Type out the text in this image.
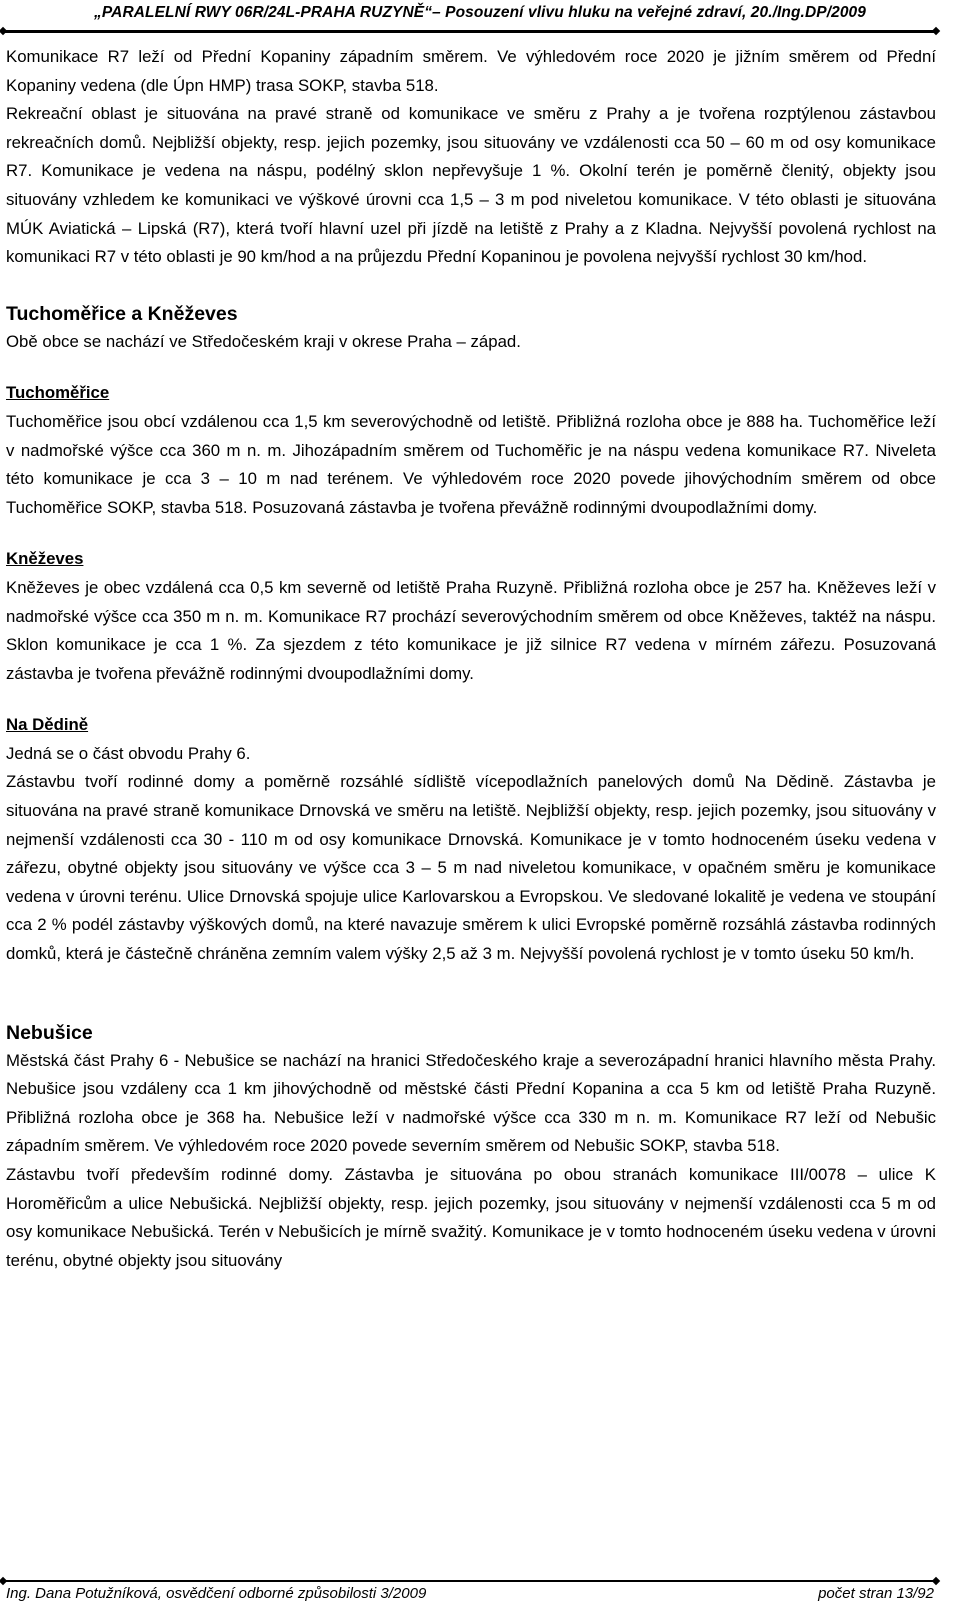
„PARALELNÍ RWY 06R/24L-PRAHA RUZYNĚ“– Posouzení vlivu hluku na veřejné zdraví, 20./Ing.DP/2009

Komunikace R7 leží od Přední Kopaniny západním směrem. Ve výhledovém roce 2020 je jižním směrem od Přední Kopaniny vedena (dle Úpn HMP) trasa SOKP, stavba 518.

Rekreační oblast je situována na pravé straně od komunikace ve směru z Prahy a je tvořena rozptýlenou zástavbou rekreačních domů. Nejbližší objekty, resp. jejich pozemky, jsou situovány ve vzdálenosti cca 50 – 60 m od osy komunikace R7. Komunikace je vedena na náspu, podélný sklon nepřevyšuje 1 %. Okolní terén je poměrně členitý, objekty jsou situovány vzhledem ke komunikaci ve výškové úrovni cca 1,5 – 3 m pod niveletou komunikace. V této oblasti je situována MÚK Aviatická – Lipská (R7), která tvoří hlavní uzel při jízdě na letiště z Prahy a z Kladna. Nejvyšší povolená rychlost na komunikaci R7 v této oblasti je 90 km/hod a na průjezdu Přední Kopaninou je povolena nejvyšší rychlost 30 km/hod.

Tuchoměřice a Kněževes

Obě obce se nachází ve Středočeském kraji v okrese Praha – západ.

Tuchoměřice

Tuchoměřice jsou obcí vzdálenou cca 1,5 km severovýchodně od letiště. Přibližná rozloha obce je 888 ha. Tuchoměřice leží v nadmořské výšce cca 360 m n. m. Jihozápadním směrem od Tuchoměřic je na náspu vedena komunikace R7. Niveleta této komunikace je cca 3 – 10 m nad terénem. Ve výhledovém roce 2020 povede jihovýchodním směrem od obce Tuchoměřice SOKP, stavba 518. Posuzovaná zástavba je tvořena převážně rodinnými dvoupodlažními domy.

Kněževes

Kněževes je obec vzdálená cca 0,5 km severně od letiště Praha Ruzyně. Přibližná rozloha obce je 257 ha. Kněževes leží v nadmořské výšce cca 350 m n. m. Komunikace R7 prochází severovýchodním směrem od obce Kněževes, taktéž na náspu. Sklon komunikace je cca 1 %. Za sjezdem z této komunikace je již silnice R7 vedena v mírném zářezu. Posuzovaná zástavba je tvořena převážně rodinnými dvoupodlažními domy.

Na Dědině

Jedná se o část obvodu Prahy 6.

Zástavbu tvoří rodinné domy a poměrně rozsáhlé sídliště vícepodlažních panelových domů Na Dědině. Zástavba je situována na pravé straně komunikace Drnovská ve směru na letiště. Nejbližší objekty, resp. jejich pozemky, jsou situovány v nejmenší vzdálenosti cca 30 - 110 m od osy komunikace Drnovská. Komunikace je v tomto hodnoceném úseku vedena v zářezu, obytné objekty jsou situovány ve výšce cca 3 – 5 m nad niveletou komunikace, v opačném směru je komunikace vedena v úrovni terénu. Ulice Drnovská spojuje ulice Karlovarskou a Evropskou. Ve sledované lokalitě je vedena ve stoupání cca 2 % podél zástavby výškových domů, na které navazuje směrem k ulici Evropské poměrně rozsáhlá zástavba rodinných domků, která je částečně chráněna zemním valem výšky 2,5 až 3 m. Nejvyšší povolená rychlost je v tomto úseku 50 km/h.

Nebušice

Městská část Prahy 6 - Nebušice se nachází na hranici Středočeského kraje a severozápadní hranici hlavního města Prahy. Nebušice jsou vzdáleny cca 1 km jihovýchodně od městské části Přední Kopanina a cca 5 km od letiště Praha Ruzyně. Přibližná rozloha obce je 368 ha. Nebušice leží v nadmořské výšce cca 330 m n. m. Komunikace R7 leží od Nebušic západním směrem. Ve výhledovém roce 2020 povede severním směrem od Nebušic SOKP, stavba 518.

Zástavbu tvoří především rodinné domy. Zástavba je situována po obou stranách komunikace III/0078 – ulice K Horoměřicům a ulice Nebušická. Nejbližší objekty, resp. jejich pozemky, jsou situovány v nejmenší vzdálenosti cca 5 m od osy komunikace Nebušická. Terén v Nebušicích je mírně svažitý. Komunikace je v tomto hodnoceném úseku vedena v úrovni terénu, obytné objekty jsou situovány

Ing. Dana Potužníková, osvědčení odborné způsobilosti 3/2009	počet stran 13/92
